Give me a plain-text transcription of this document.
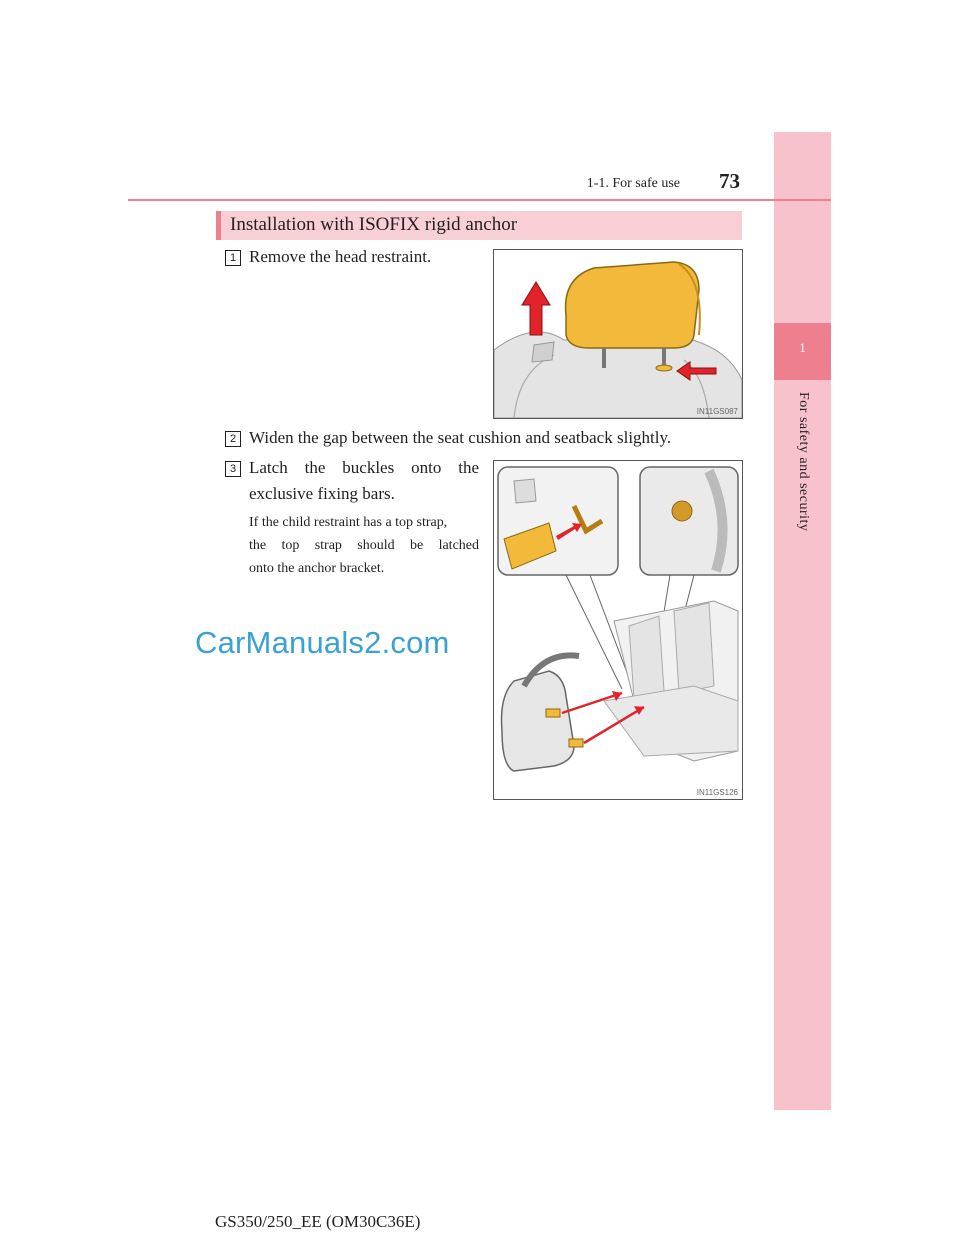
1
For safety and security
1-1. For safe use	73
Installation with ISOFIX rigid anchor
1 Remove the head restraint.
IN11GS087
2 Widen the gap between the seat cushion and seatback slightly.
3 Latch the buckles onto the
exclusive fixing bars.
If the child restraint has a top strap,
the top strap should be latched
onto the anchor bracket.
IN11GS126
CarManuals2.com
GS350/250_EE (OM30C36E)
